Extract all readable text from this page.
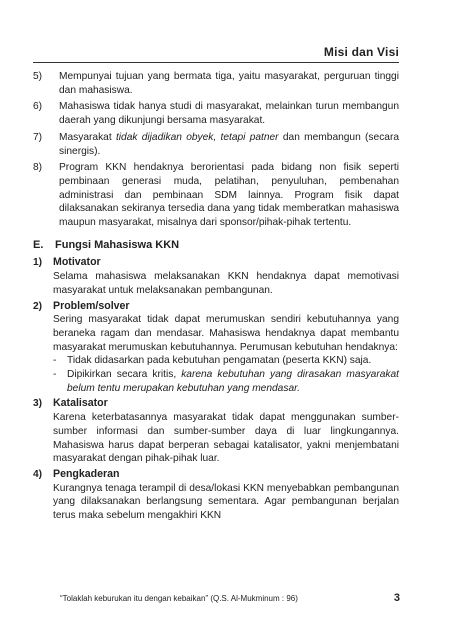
Misi dan Visi
5)	Mempunyai tujuan yang bermata tiga, yaitu masyarakat, perguruan tinggi dan mahasiswa.
6)	Mahasiswa tidak hanya studi di masyarakat, melainkan turun membangun daerah yang dikunjungi bersama masyarakat.
7)	Masyarakat tidak dijadikan obyek, tetapi patner dan membangun (secara sinergis).
8)	Program KKN hendaknya berorientasi pada bidang non fisik seperti pembinaan generasi muda, pelatihan, penyuluhan, pembenahan administrasi dan pembinaan SDM lainnya. Program fisik dapat dilaksanakan sekiranya tersedia dana yang tidak memberatkan mahasiswa maupun masyarakat, misalnya dari sponsor/pihak-pihak tertentu.
E.	Fungsi Mahasiswa KKN
1)	Motivator
Selama mahasiswa melaksanakan KKN hendaknya dapat memotivasi masyarakat untuk melaksanakan pembangunan.
2)	Problem/solver
Sering masyarakat tidak dapat merumuskan sendiri kebutuhannya yang beraneka ragam dan mendasar. Mahasiswa hendaknya dapat membantu masyarakat merumuskan kebutuhannya. Perumusan kebutuhan hendaknya:
-	Tidak didasarkan pada kebutuhan pengamatan (peserta KKN) saja.
-	Dipikirkan secara kritis, karena kebutuhan yang dirasakan masyarakat belum tentu merupakan kebutuhan yang mendasar.
3)	Katalisator
Karena keterbatasannya masyarakat tidak dapat menggunakan sumber-sumber informasi dan sumber-sumber daya di luar lingkungannya. Mahasiswa harus dapat berperan sebagai katalisator, yakni menjembatani masyarakat dengan pihak-pihak luar.
4)	Pengkaderan
Kurangnya tenaga terampil di desa/lokasi KKN menyebabkan pembangunan yang dilaksanakan berlangsung sementara. Agar pembangunan berjalan terus maka sebelum mengakhiri KKN
“Tolaklah keburukan itu dengan kebaikan” (Q.S. Al-Mukminum : 96)	3
